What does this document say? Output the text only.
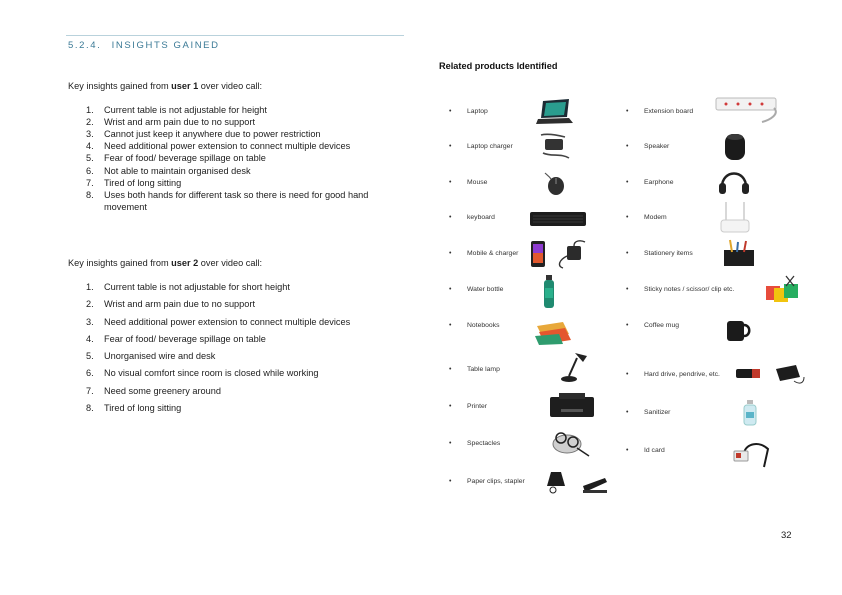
5.2.4. INSIGHTS GAINED

Key insights gained from user 1 over video call:

1. Current table is not adjustable for height
2. Wrist and arm pain due to no support
3. Cannot just keep it anywhere due to power restriction
4. Need additional power extension to connect multiple devices
5. Fear of food/ beverage spillage on table
6. Not able to maintain organised desk
7. Tired of long sitting
8. Uses both hands for different task so there is need for good hand movement

Key insights gained from user 2 over video call:

1. Current table is not adjustable for short height
2. Wrist and arm pain due to no support
3. Need additional power extension to connect multiple devices
4. Fear of food/ beverage spillage on table
5. Unorganised wire and desk
6. No visual comfort since room is closed while working
7. Need some greenery around
8. Tired of long sitting
Related products Identified
• Laptop
• Laptop charger
• Mouse
• keyboard
• Mobile & charger
• Water bottle
• Notebooks
• Table lamp
• Printer
• Spectacles
• Paper clips, stapler
• Extension board
• Speaker
• Earphone
• Modem
• Stationery items
• Sticky notes / scissor/ clip etc.
• Coffee mug
• Hard drive, pendrive, etc.
• Sanitizer
• Id card
32
